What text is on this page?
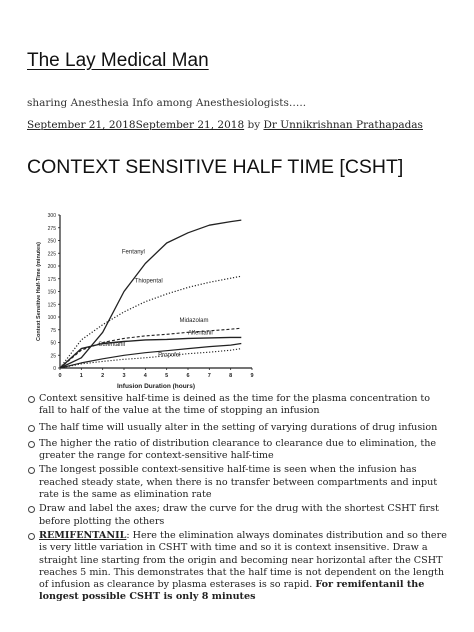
The Lay Medical Man
sharing Anesthesia Info among Anesthesiologists…..
September 21, 2018September 21, 2018 by Dr Unnikrishnan Prathapadas
CONTEXT SENSITIVE HALF TIME [CSHT]
0
25
50
75
100
125
150
175
200
225
250
275
300
0	1	2	3	4	5	6	7	8	9
Context Sensitive Half-Time (minutes)
Infusion Duration (hours)
Fentanyl
Thiopental
Midazolam
Alfentanil
Sufentanil
Propofol
Context sensitive half-time is deined as the time for the plasma concentration to fall to half of the value at the time of stopping an infusion
The half time will usually alter in the setting of varying durations of drug infusion
The higher the ratio of distribution clearance to clearance due to elimination, the greater the range for context-sensitive half-time
The longest possible context-sensitive half-time is seen when the infusion has reached steady state, when there is no transfer between compartments and input rate is the same as elimination rate
Draw and label the axes; draw the curve for the drug with the shortest CSHT first before plotting the others
REMIFENTANIL: Here the elimination always dominates distribution and so there is very little variation in CSHT with time and so it is context insensitive. Draw a straight line starting from the origin and becoming near horizontal after the CSHT reaches 5 min. This demonstrates that the half time is not dependent on the length of infusion as clearance by plasma esterases is so rapid. For remifentanil the longest possible CSHT is only 8 minutes
